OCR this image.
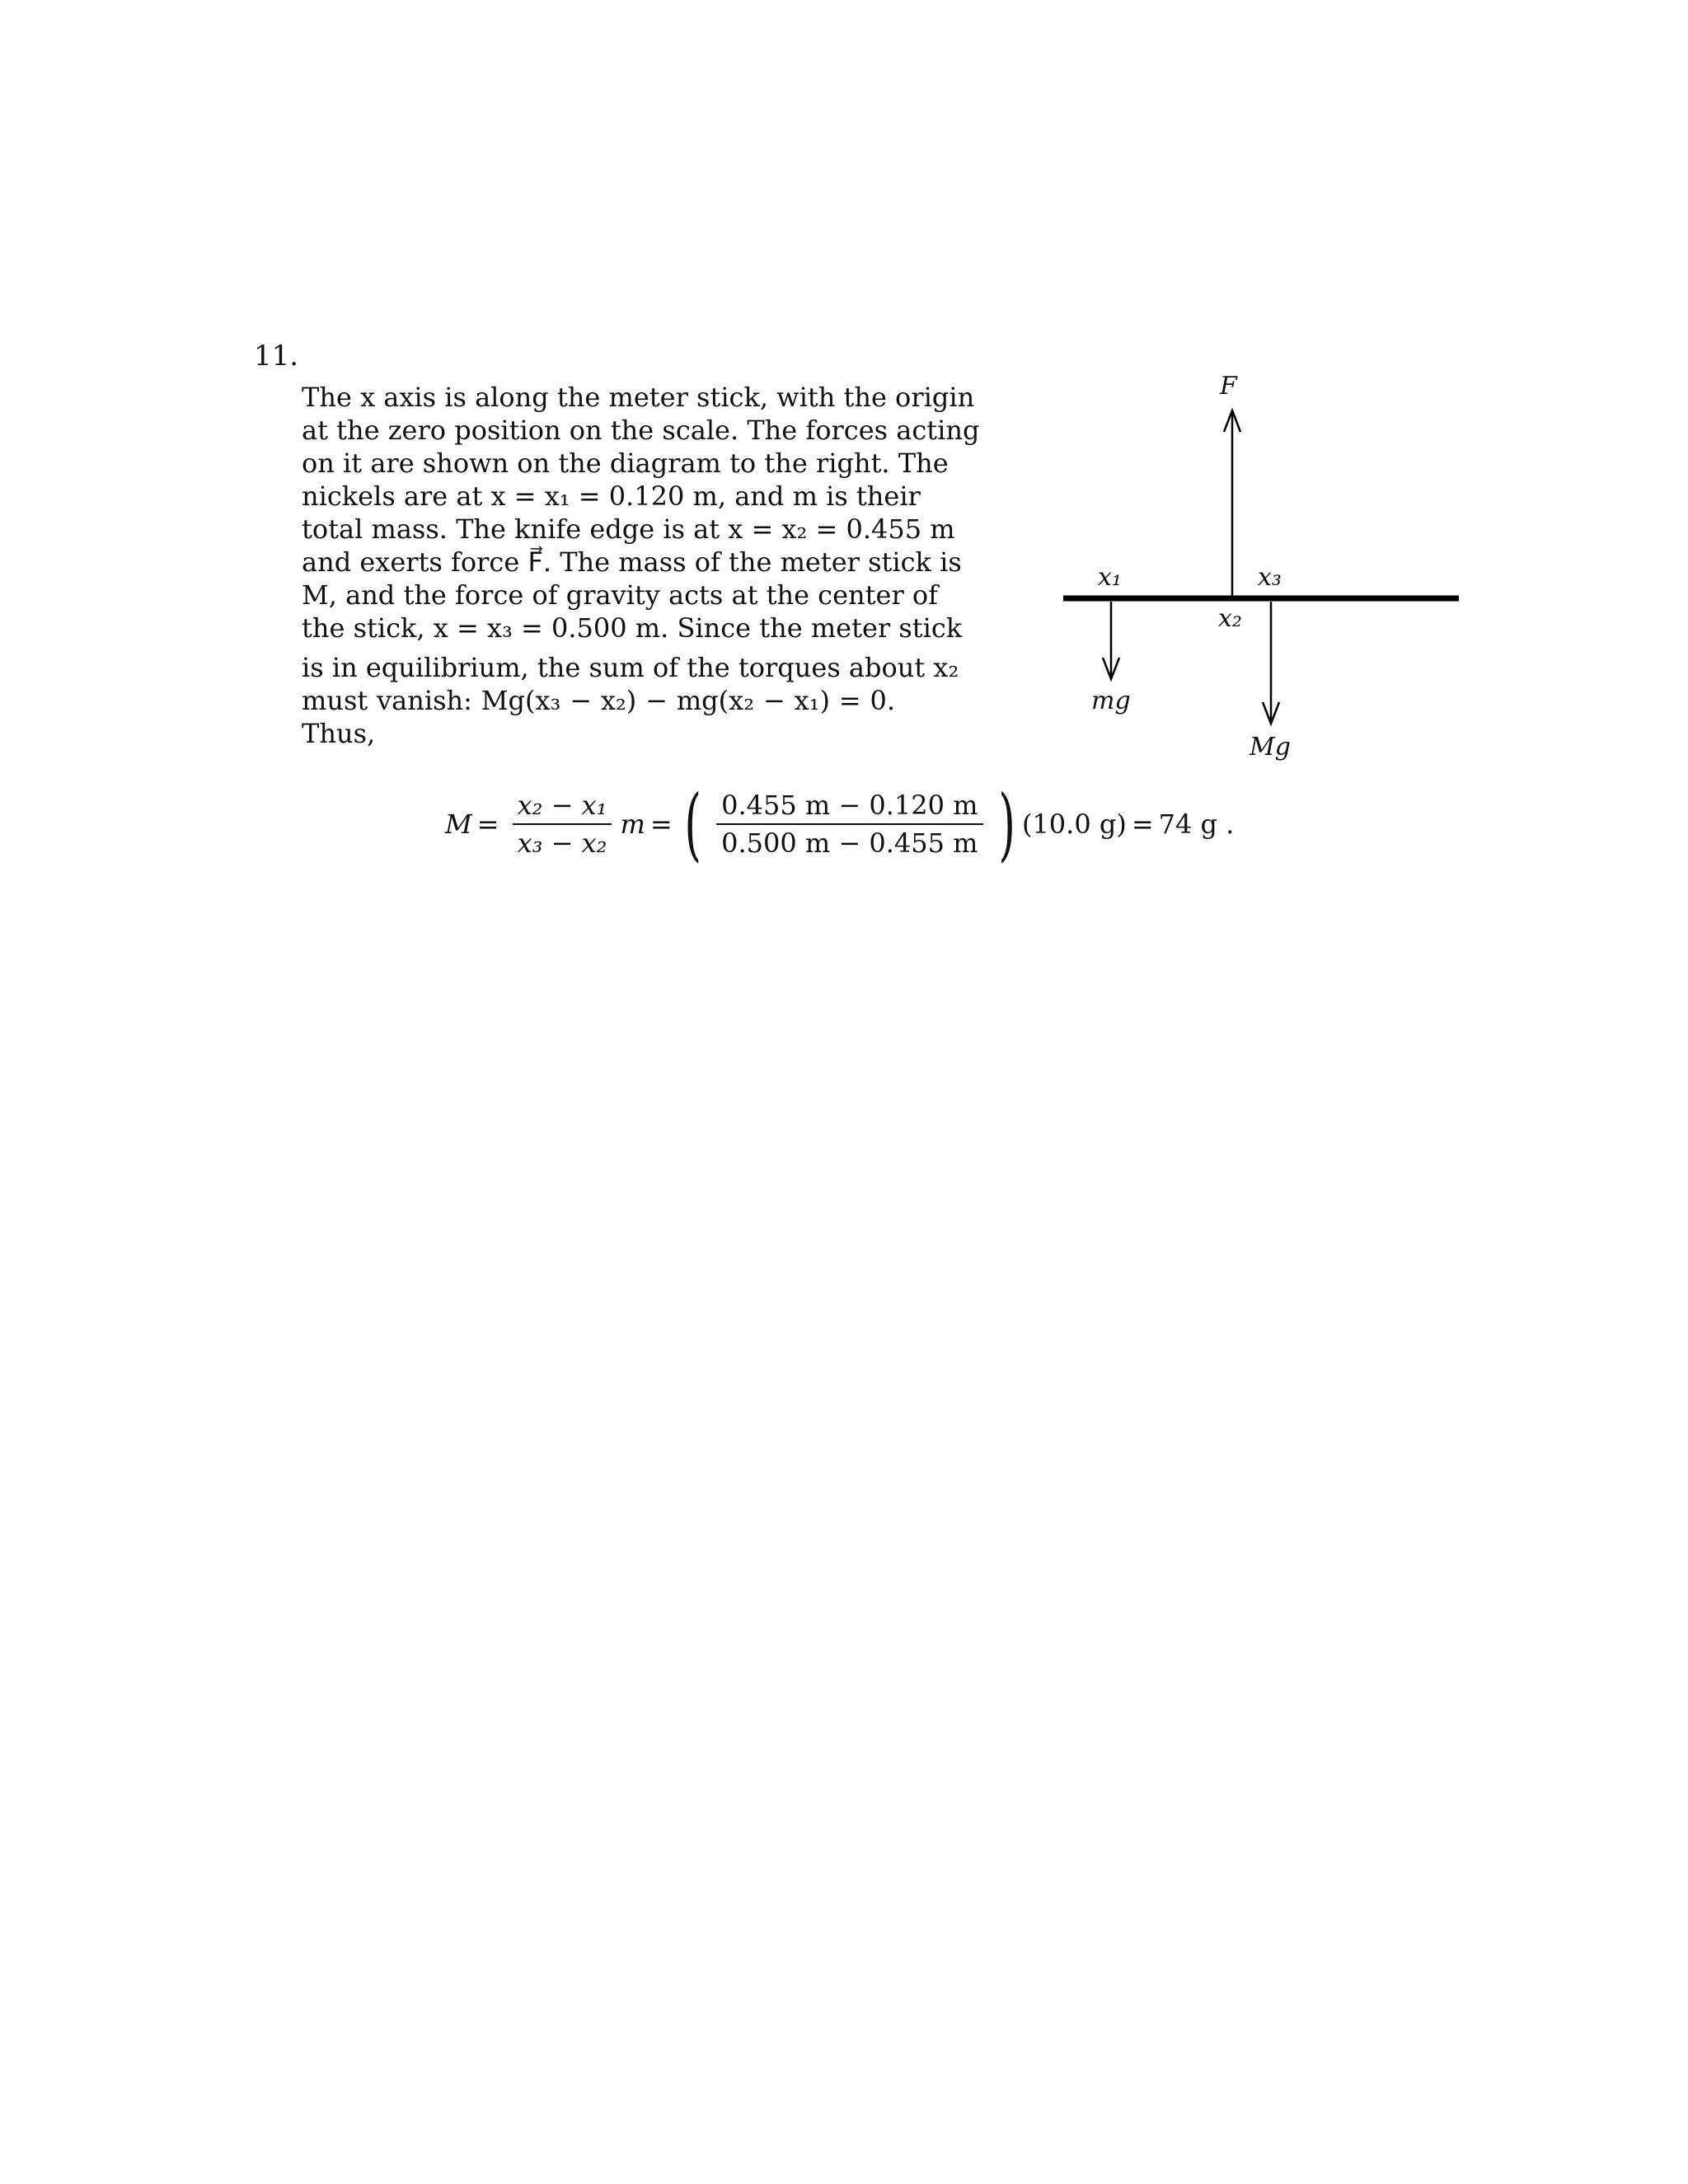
11.
The x axis is along the meter stick, with the origin
at the zero position on the scale. The forces acting
on it are shown on the diagram to the right. The
nickels are at x = x₁ = 0.120 m, and m is their
total mass. The knife edge is at x = x₂ = 0.455 m
and exerts force F⃗. The mass of the meter stick is
M, and the force of gravity acts at the center of
the stick, x = x₃ = 0.500 m. Since the meter stick
is in equilibrium, the sum of the torques about x₂
must vanish: Mg(x₃ − x₂) − mg(x₂ − x₁) = 0.
Thus,
F
mg
Mg
x₁
x₂
x₃
$M = \frac{\text{x₂ − x₁}}{\text{x₃ − x₂}}$ m = ( $\frac{0.455 m - 0.120 m}{0.500 m - 0.455 m}$ ) (10.0 g) = 74 g .
